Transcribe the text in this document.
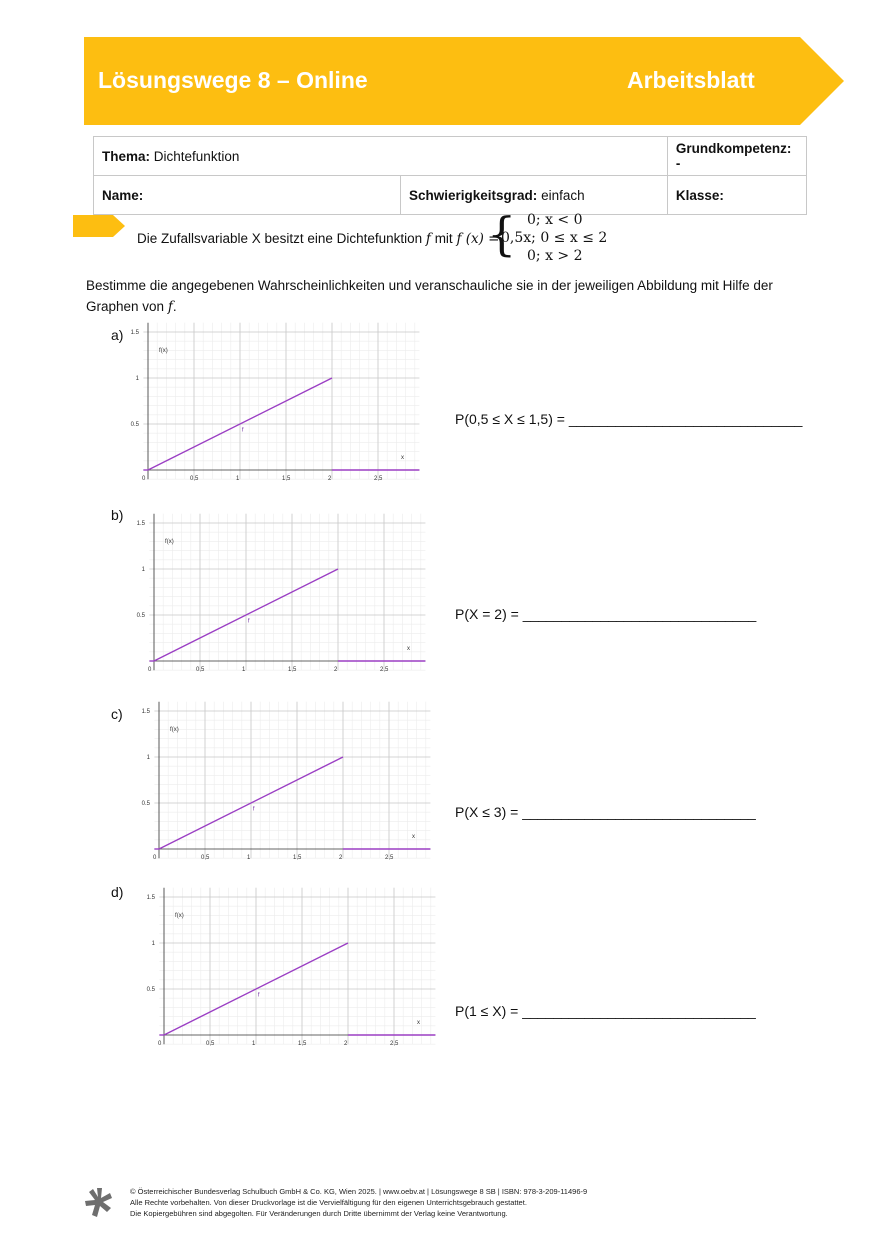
Lösungswege 8 – Online	Arbeitsblatt
Thema: Dichtefunktion		Grundkompetenz: -
Name:	Schwierigkeitsgrad: einfach	Klasse:
Die Zufallsvariable X besitzt eine Dichtefunktion f mit f (x) =
{ 0; x < 0
0,5x; 0 ≤ x ≤ 2
0; x > 2
Bestimme die angegebenen Wahrscheinlichkeiten und veranschauliche sie in der jeweiligen Abbildung mit Hilfe der Graphen von f.
a)
P(0,5 ≤ X ≤ 1,5) = ______________________________
b)
P(X = 2) = ______________________________
c)
P(X ≤ 3) = ______________________________
d)
P(1 ≤ X) = ______________________________
0	0,5	1	1,5	2	2,5
0.5
1
1.5
f(x)
x
f
0	0,5	1	1,5	2	2,5
0.5
1
1.5
f(x)
x
f
0	0,5	1	1,5	2	2,5
0.5
1
1.5
f(x)
x
f
0	0,5	1	1,5	2	2,5
0.5
1
1.5
f(x)
x
f
© Österreichischer Bundesverlag Schulbuch GmbH & Co. KG, Wien 2025. | www.oebv.at | Lösungswege 8 SB | ISBN: 978-3-209-11496-9
Alle Rechte vorbehalten. Von dieser Druckvorlage ist die Vervielfältigung für den eigenen Unterrichtsgebrauch gestattet.
Die Kopiergebühren sind abgegolten. Für Veränderungen durch Dritte übernimmt der Verlag keine Verantwortung.
